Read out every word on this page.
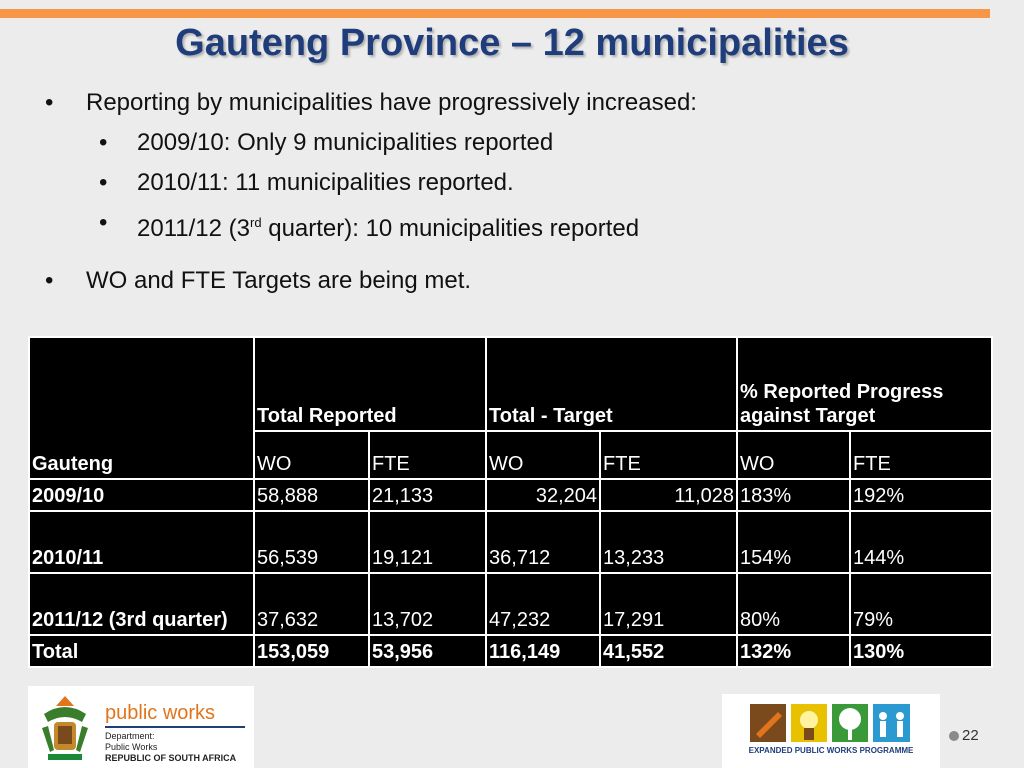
Gauteng Province – 12 municipalities
• Reporting by municipalities have progressively increased:
• 2009/10: Only 9 municipalities reported
• 2010/11: 11 municipalities reported.
• 2011/12 (3rd quarter): 10 municipalities reported
• WO and FTE Targets are being met.
Gauteng	Total Reported		Total - Target		% Reported Progress against Target	
	WO	FTE	WO	FTE	WO	FTE
2009/10	58,888	21,133	32,204	11,028	183%	192%
2010/11	56,539	19,121	36,712	13,233	154%	144%
2011/12 (3rd quarter)	37,632	13,702	47,232	17,291	80%	79%
Total	153,059	53,956	116,149	41,552	132%	130%
public works
Department:
Public Works
REPUBLIC OF SOUTH AFRICA
EXPANDED PUBLIC WORKS PROGRAMME
22
